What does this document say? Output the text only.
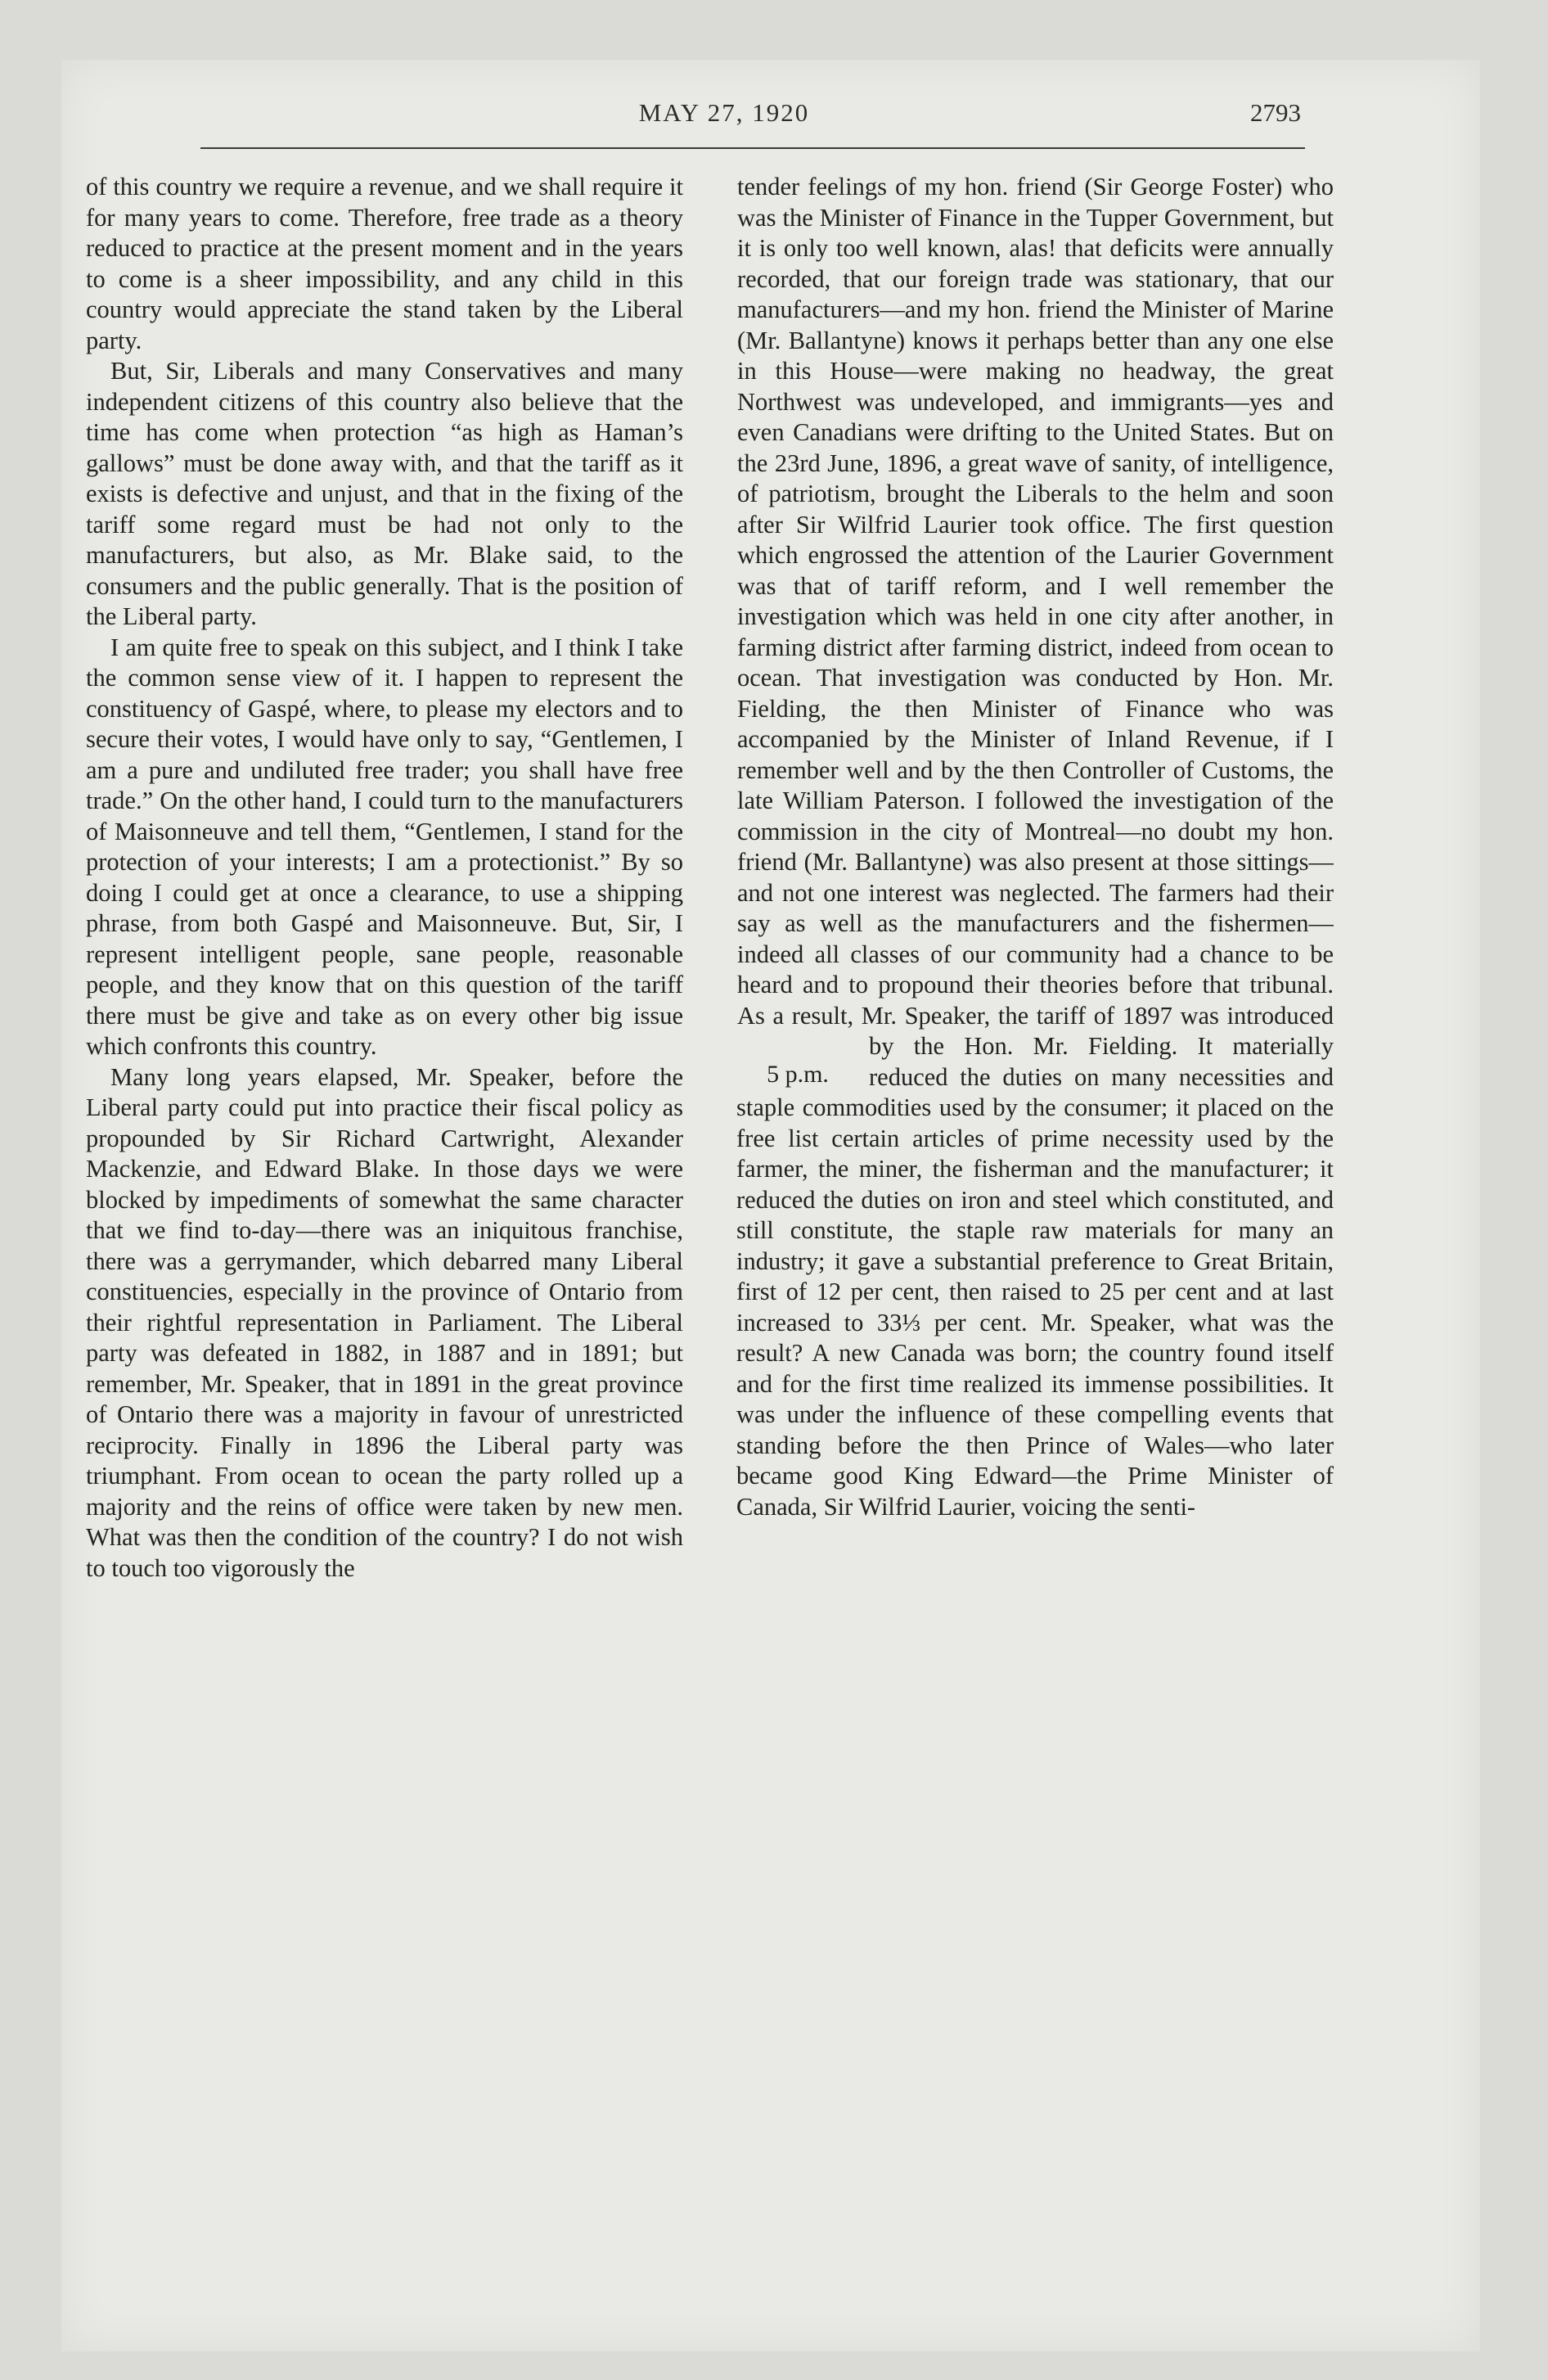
MAY 27, 1920	2793

of this country we require a revenue, and we shall require it for many years to come. Therefore, free trade as a theory reduced to practice at the present moment and in the years to come is a sheer impossibility, and any child in this country would appreciate the stand taken by the Liberal party.

But, Sir, Liberals and many Conservatives and many independent citizens of this country also believe that the time has come when protection “as high as Haman’s gallows” must be done away with, and that the tariff as it exists is defective and unjust, and that in the fixing of the tariff some regard must be had not only to the manufacturers, but also, as Mr. Blake said, to the consumers and the public generally. That is the position of the Liberal party.

I am quite free to speak on this subject, and I think I take the common sense view of it. I happen to represent the constituency of Gaspé, where, to please my electors and to secure their votes, I would have only to say, “Gentlemen, I am a pure and undiluted free trader; you shall have free trade.” On the other hand, I could turn to the manufacturers of Maisonneuve and tell them, “Gentlemen, I stand for the protection of your interests; I am a protectionist.” By so doing I could get at once a clearance, to use a shipping phrase, from both Gaspé and Maisonneuve. But, Sir, I represent intelligent people, sane people, reasonable people, and they know that on this question of the tariff there must be give and take as on every other big issue which confronts this country.

Many long years elapsed, Mr. Speaker, before the Liberal party could put into practice their fiscal policy as propounded by Sir Richard Cartwright, Alexander Mackenzie, and Edward Blake. In those days we were blocked by impediments of somewhat the same character that we find to-day—there was an iniquitous franchise, there was a gerrymander, which debarred many Liberal constituencies, especially in the province of Ontario from their rightful representation in Parliament. The Liberal party was defeated in 1882, in 1887 and in 1891; but remember, Mr. Speaker, that in 1891 in the great province of Ontario there was a majority in favour of unrestricted reciprocity. Finally in 1896 the Liberal party was triumphant. From ocean to ocean the party rolled up a majority and the reins of office were taken by new men. What was then the condition of the country? I do not wish to touch too vigorously the

5 p.m.

tender feelings of my hon. friend (Sir George Foster) who was the Minister of Finance in the Tupper Government, but it is only too well known, alas! that deficits were annually recorded, that our foreign trade was stationary, that our manufacturers—and my hon. friend the Minister of Marine (Mr. Ballantyne) knows it perhaps better than any one else in this House—were making no headway, the great Northwest was undeveloped, and immigrants—yes and even Canadians were drifting to the United States. But on the 23rd June, 1896, a great wave of sanity, of intelligence, of patriotism, brought the Liberals to the helm and soon after Sir Wilfrid Laurier took office. The first question which engrossed the attention of the Laurier Government was that of tariff reform, and I well remember the investigation which was held in one city after another, in farming district after farming district, indeed from ocean to ocean. That investigation was conducted by Hon. Mr. Fielding, the then Minister of Finance who was accompanied by the Minister of Inland Revenue, if I remember well and by the then Controller of Customs, the late William Paterson. I followed the investigation of the commission in the city of Montreal—no doubt my hon. friend (Mr. Ballantyne) was also present at those sittings—and not one interest was neglected. The farmers had their say as well as the manufacturers and the fishermen—indeed all classes of our community had a chance to be heard and to propound their theories before that tribunal. As a result, Mr. Speaker, the tariff of 1897 was introduced by the Hon. Mr. Fielding. It materially reduced the duties on many necessities and staple commodities used by the consumer; it placed on the free list certain articles of prime necessity used by the farmer, the miner, the fisherman and the manufacturer; it reduced the duties on iron and steel which constituted, and still constitute, the staple raw materials for many an industry; it gave a substantial preference to Great Britain, first of 12 per cent, then raised to 25 per cent and at last increased to 33⅓ per cent. Mr. Speaker, what was the result? A new Canada was born; the country found itself and for the first time realized its immense possibilities. It was under the influence of these compelling events that standing before the then Prince of Wales—who later became good King Edward—the Prime Minister of Canada, Sir Wilfrid Laurier, voicing the senti-
